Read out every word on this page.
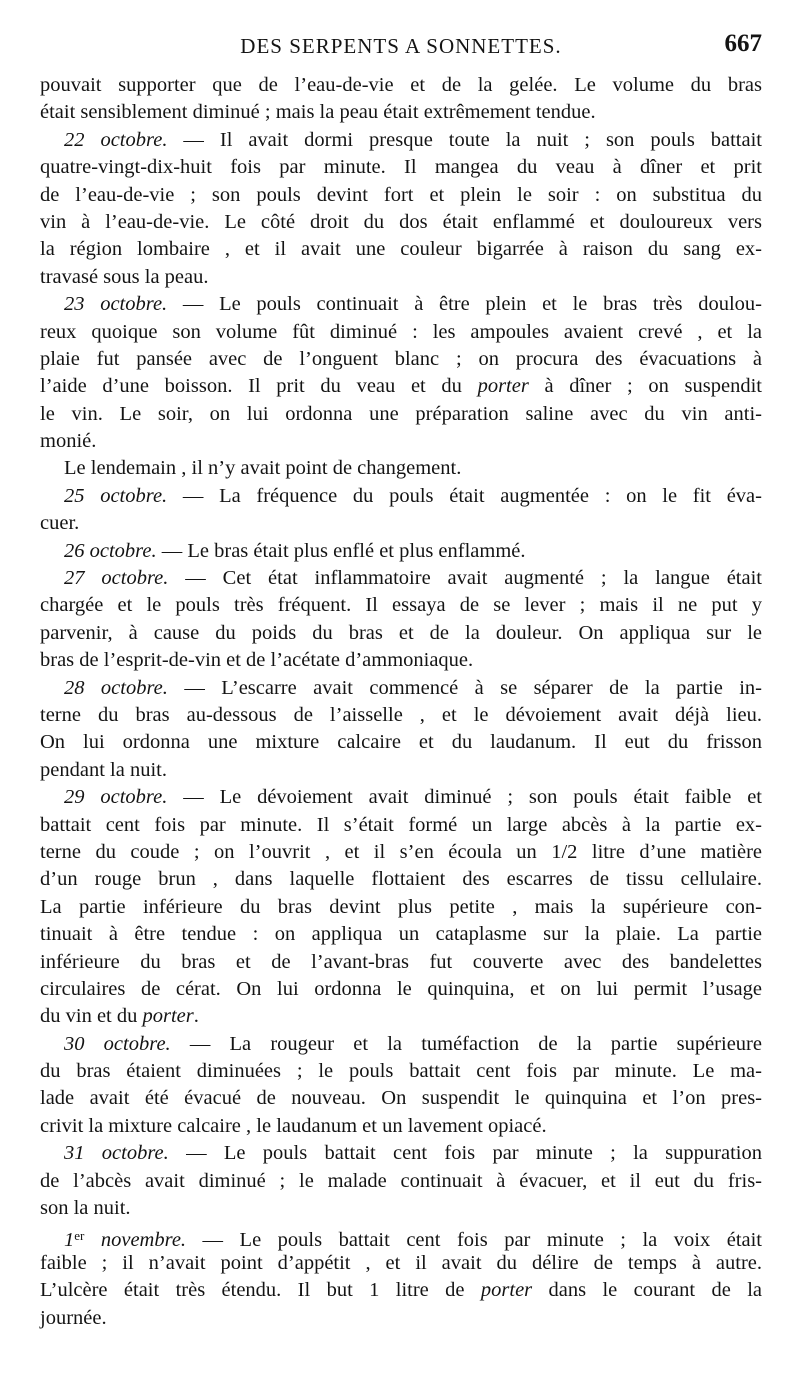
DES SERPENTS A SONNETTES.	667

pouvait supporter que de l’eau-de-vie et de la gelée. Le volume du bras
était sensiblement diminué ; mais la peau était extrêmement tendue.

22 octobre. — Il avait dormi presque toute la nuit ; son pouls battait
quatre-vingt-dix-huit fois par minute. Il mangea du veau à dîner et prit
de l’eau-de-vie ; son pouls devint fort et plein le soir : on substitua du
vin à l’eau-de-vie. Le côté droit du dos était enflammé et douloureux vers
la région lombaire , et il avait une couleur bigarrée à raison du sang ex-
travasé sous la peau.

23 octobre. — Le pouls continuait à être plein et le bras très doulou-
reux quoique son volume fût diminué : les ampoules avaient crevé , et la
plaie fut pansée avec de l’onguent blanc ; on procura des évacuations à
l’aide d’une boisson. Il prit du veau et du porter à dîner ; on suspendit
le vin. Le soir, on lui ordonna une préparation saline avec du vin anti-
monié.

Le lendemain , il n’y avait point de changement.

25 octobre. — La fréquence du pouls était augmentée : on le fit éva-
cuer.

26 octobre. — Le bras était plus enflé et plus enflammé.

27 octobre. — Cet état inflammatoire avait augmenté ; la langue était
chargée et le pouls très fréquent. Il essaya de se lever ; mais il ne put y
parvenir, à cause du poids du bras et de la douleur. On appliqua sur le
bras de l’esprit-de-vin et de l’acétate d’ammoniaque.

28 octobre. — L’escarre avait commencé à se séparer de la partie in-
terne du bras au-dessous de l’aisselle , et le dévoiement avait déjà lieu.
On lui ordonna une mixture calcaire et du laudanum. Il eut du frisson
pendant la nuit.

29 octobre. — Le dévoiement avait diminué ; son pouls était faible et
battait cent fois par minute. Il s’était formé un large abcès à la partie ex-
terne du coude ; on l’ouvrit , et il s’en écoula un 1/2 litre d’une matière
d’un rouge brun , dans laquelle flottaient des escarres de tissu cellulaire.
La partie inférieure du bras devint plus petite , mais la supérieure con-
tinuait à être tendue : on appliqua un cataplasme sur la plaie. La partie
inférieure du bras et de l’avant-bras fut couverte avec des bandelettes
circulaires de cérat. On lui ordonna le quinquina, et on lui permit l’usage
du vin et du porter.

30 octobre. — La rougeur et la tuméfaction de la partie supérieure
du bras étaient diminuées ; le pouls battait cent fois par minute. Le ma-
lade avait été évacué de nouveau. On suspendit le quinquina et l’on pres-
crivit la mixture calcaire , le laudanum et un lavement opiacé.

31 octobre. — Le pouls battait cent fois par minute ; la suppuration
de l’abcès avait diminué ; le malade continuait à évacuer, et il eut du fris-
son la nuit.

1er novembre. — Le pouls battait cent fois par minute ; la voix était
faible ; il n’avait point d’appétit , et il avait du délire de temps à autre.
L’ulcère était très étendu. Il but 1 litre de porter dans le courant de la
journée.
